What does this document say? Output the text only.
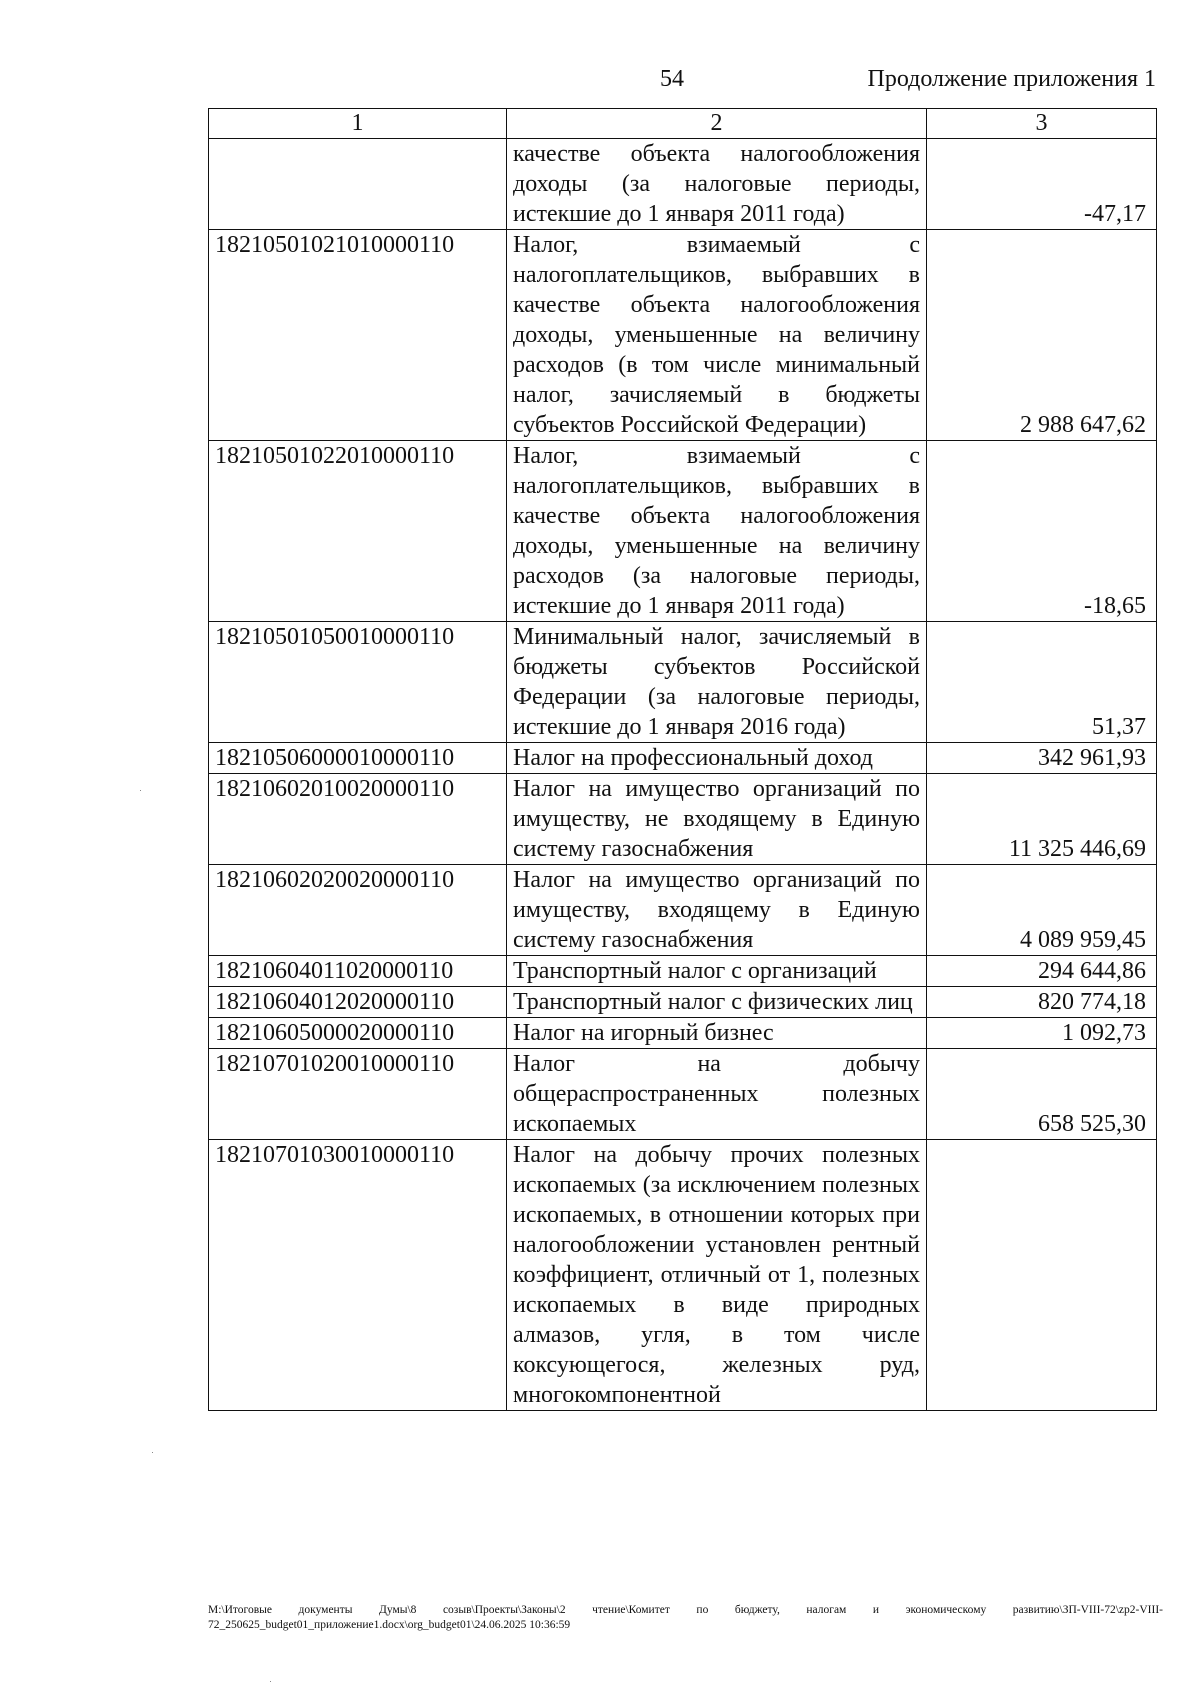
54	Продолжение приложения 1
1	2	3
	качестве объекта налогообложения доходы (за налоговые периоды, истекшие до 1 января 2011 года)	-47,17
18210501021010000110	Налог, взимаемый с налогоплательщиков, выбравших в качестве объекта налогообложения доходы, уменьшенные на величину расходов (в том числе минимальный налог, зачисляемый в бюджеты субъектов Российской Федерации)	2 988 647,62
18210501022010000110	Налог, взимаемый с налогоплательщиков, выбравших в качестве объекта налогообложения доходы, уменьшенные на величину расходов (за налоговые периоды, истекшие до 1 января 2011 года)	-18,65
18210501050010000110	Минимальный налог, зачисляемый в бюджеты субъектов Российской Федерации (за налоговые периоды, истекшие до 1 января 2016 года)	51,37
18210506000010000110	Налог на профессиональный доход	342 961,93
18210602010020000110	Налог на имущество организаций по имуществу, не входящему в Единую систему газоснабжения	11 325 446,69
18210602020020000110	Налог на имущество организаций по имуществу, входящему в Единую систему газоснабжения	4 089 959,45
18210604011020000110	Транспортный налог с организаций	294 644,86
18210604012020000110	Транспортный налог с физических лиц	820 774,18
18210605000020000110	Налог на игорный бизнес	1 092,73
18210701020010000110	Налог на добычу общераспространенных полезных ископаемых	658 525,30
18210701030010000110	Налог на добычу прочих полезных ископаемых (за исключением полезных ископаемых, в отношении которых при налогообложении установлен рентный коэффициент, отличный от 1, полезных ископаемых в виде природных алмазов, угля, в том числе коксующегося, железных руд, многокомпонентной	
M:\Итоговые документы Думы\8 созыв\Проекты\Законы\2 чтение\Комитет по бюджету, налогам и экономическому развитию\ЗП-VIII-72\zp2-VIII-72_250625_budget01_приложение1.docx\org_budget01\24.06.2025 10:36:59
